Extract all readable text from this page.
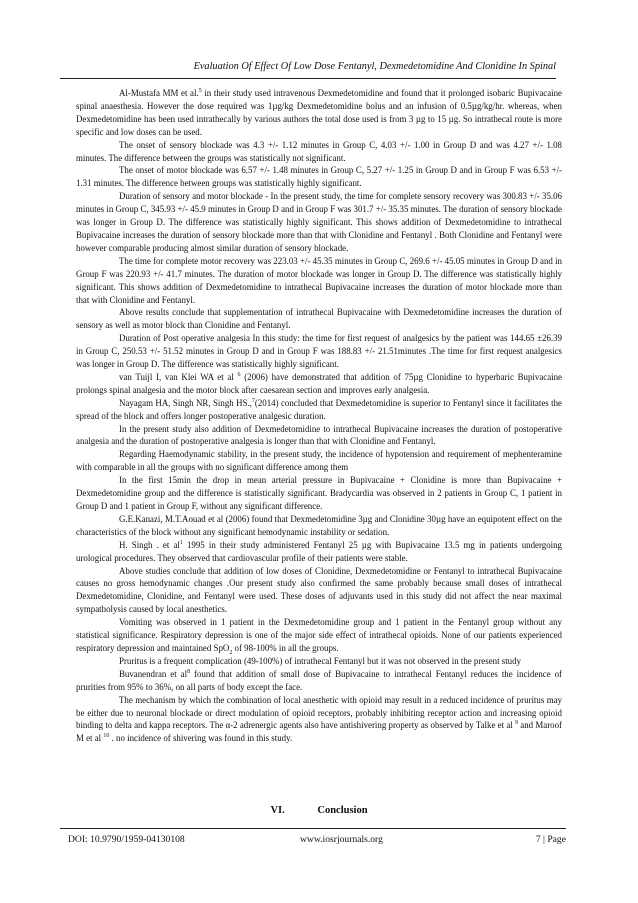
Evaluation Of Effect Of Low Dose Fentanyl, Dexmedetomidine And Clonidine In Spinal

Al-Mustafa MM et al.$^5$ in their study used intravenous Dexmedetomidine and found that it prolonged isobaric Bupivacaine spinal anaesthesia. However the dose required was 1µg/kg Dexmedetomidine bolus and an infusion of 0.5µg/kg/hr. whereas, when Dexmedetomidine has been used intrathecally by various authors the total dose used is from 3 µg to 15 µg. So intrathecal route is more specific and low doses can be used.

The onset of sensory blockade was 4.3 +/- 1.12 minutes in Group C, 4.03 +/- 1.00 in Group D and was 4.27 +/- 1.08 minutes. The difference between the groups was statistically not significant.

The onset of motor blockade was 6.57 +/- 1.48 minutes in Group C, 5.27 +/- 1.25 in Group D and in Group F was 6.53 +/- 1.31 minutes. The difference between groups was statistically highly significant.

Duration of sensory and motor blockade - In the present study, the time for complete sensory recovery was 300.83 +/- 35.06 minutes in Group C, 345.93 +/- 45.9 minutes in Group D and in Group F was 301.7 +/- 35.35 minutes. The duration of sensory blockade was longer in Group D. The difference was statistically highly significant. This shows addition of Dexmedetomidine to intrathecal Bupivacaine increases the duration of sensory blockade more than that with Clonidine and Fentanyl . Both Clonidine and Fentanyl were however comparable producing almost similar duration of sensory blockade.

The time for complete motor recovery was 223.03 +/- 45.35 minutes in Group C, 269.6 +/- 45.05 minutes in Group D and in Group F was 220.93 +/- 41.7 minutes. The duration of motor blockade was longer in Group D. The difference was statistically highly significant. This shows addition of Dexmedetomidine to intrathecal Bupivacaine increases the duration of motor blockade more than that with Clonidine and Fentanyl.

Above results conclude that supplementation of intrathecal Bupivacaine with Dexmedetomidine increases the duration of sensory as well as motor block than Clonidine and Fentanyl.

Duration of Post operative analgesia In this study: the time for first request of analgesics by the patient was 144.65 ±26.39 in Group C, 250.53 +/- 51.52 minutes in Group D and in Group F was 188.83 +/- 21.51minutes .The time for first request analgesics was longer in Group D. The difference was statistically highly significant.

van Tuijl I, van Klei WA et al $^6$ (2006) have demonstrated that addition of 75µg Clonidine to hyperbaric Bupivacaine prolongs spinal analgesia and the motor block after caesarean section and improves early analgesia.

Nayagam HA, Singh NR, Singh HS.,$^7$(2014) concluded that Dexmedetomidine is superior to Fentanyl since it facilitates the spread of the block and offers longer postoperative analgesic duration.

In the present study also addition of Dexmedetomidine to intrathecal Bupivacaine increases the duration of postoperative analgesia and the duration of postoperative analgesia is longer than that with Clonidine and Fentanyl.

Regarding Haemodynamic stability, in the present study, the incidence of hypotension and requirement of mephenteramine with comparable in all the groups with no significant difference among them

In the first 15min the drop in mean arterial pressure in Bupivacaine + Clonidine is more than Bupivacaine + Dexmedetomidine group and the difference is statistically significant. Bradycardia was observed in 2 patients in Group C, 1 patient in Group D and 1 patient in Group F, without any significant difference.

G.E.Kanazi, M.T.Aouad et al (2006) found that Dexmedetomidine 3µg and Clonidine 30µg have an equipotent effect on the characteristics of the block without any significant hemodynamic instability or sedation.

H. Singh . et $al^1$ 1995 in their study administered Fentanyl 25 µg with Bupivacaine 13.5 mg in patients undergoing urological procedures. They observed that cardiovascular profile of their patients were stable.

Above studies conclude that addition of low doses of Clonidine, Dexmedetomidine or Fentanyl to intrathecal Bupivacaine causes no gross hemodynamic changes .Our present study also confirmed the same probably because small doses of intrathecal Dexmedetomidine, Clonidine, and Fentanyl were used. These doses of adjuvants used in this study did not affect the near maximal sympatholysis caused by local anesthetics.

Vomiting was observed in 1 patient in the Dexmedetomidine group and 1 patient in the Fentanyl group without any statistical significance. Respiratory depression is one of the major side effect of intrathecal opioids. None of our patients experienced respiratory depression and maintained SpO$_2$ of 98-100% in all the groups.

Pruritus is a frequent complication (49-100%) of intrathecal Fentanyl but it was not observed in the present study

Buvanendran et $al^8$ found that addition of small dose of Bupivacaine to intrathecal Fentanyl reduces the incidence of prurities from 95% to 36%, on all parts of body except the face.

The mechanism by which the combination of local anesthetic with opioid may result in a reduced incidence of pruritus may be either due to neuronal blockade or direct modulation of opioid receptors, probably inhibiting receptor action and increasing opioid binding to delta and kappa receptors. The α-2 adrenergic agents also have antishivering property as observed by Talke et al $^9$ and Maroof M et al $^{10}$ . no incidence of shivering was found in this study.

VI.	Conclusion
DOI: 10.9790/1959-04130108	www.iosrjournals.org	7 | Page
